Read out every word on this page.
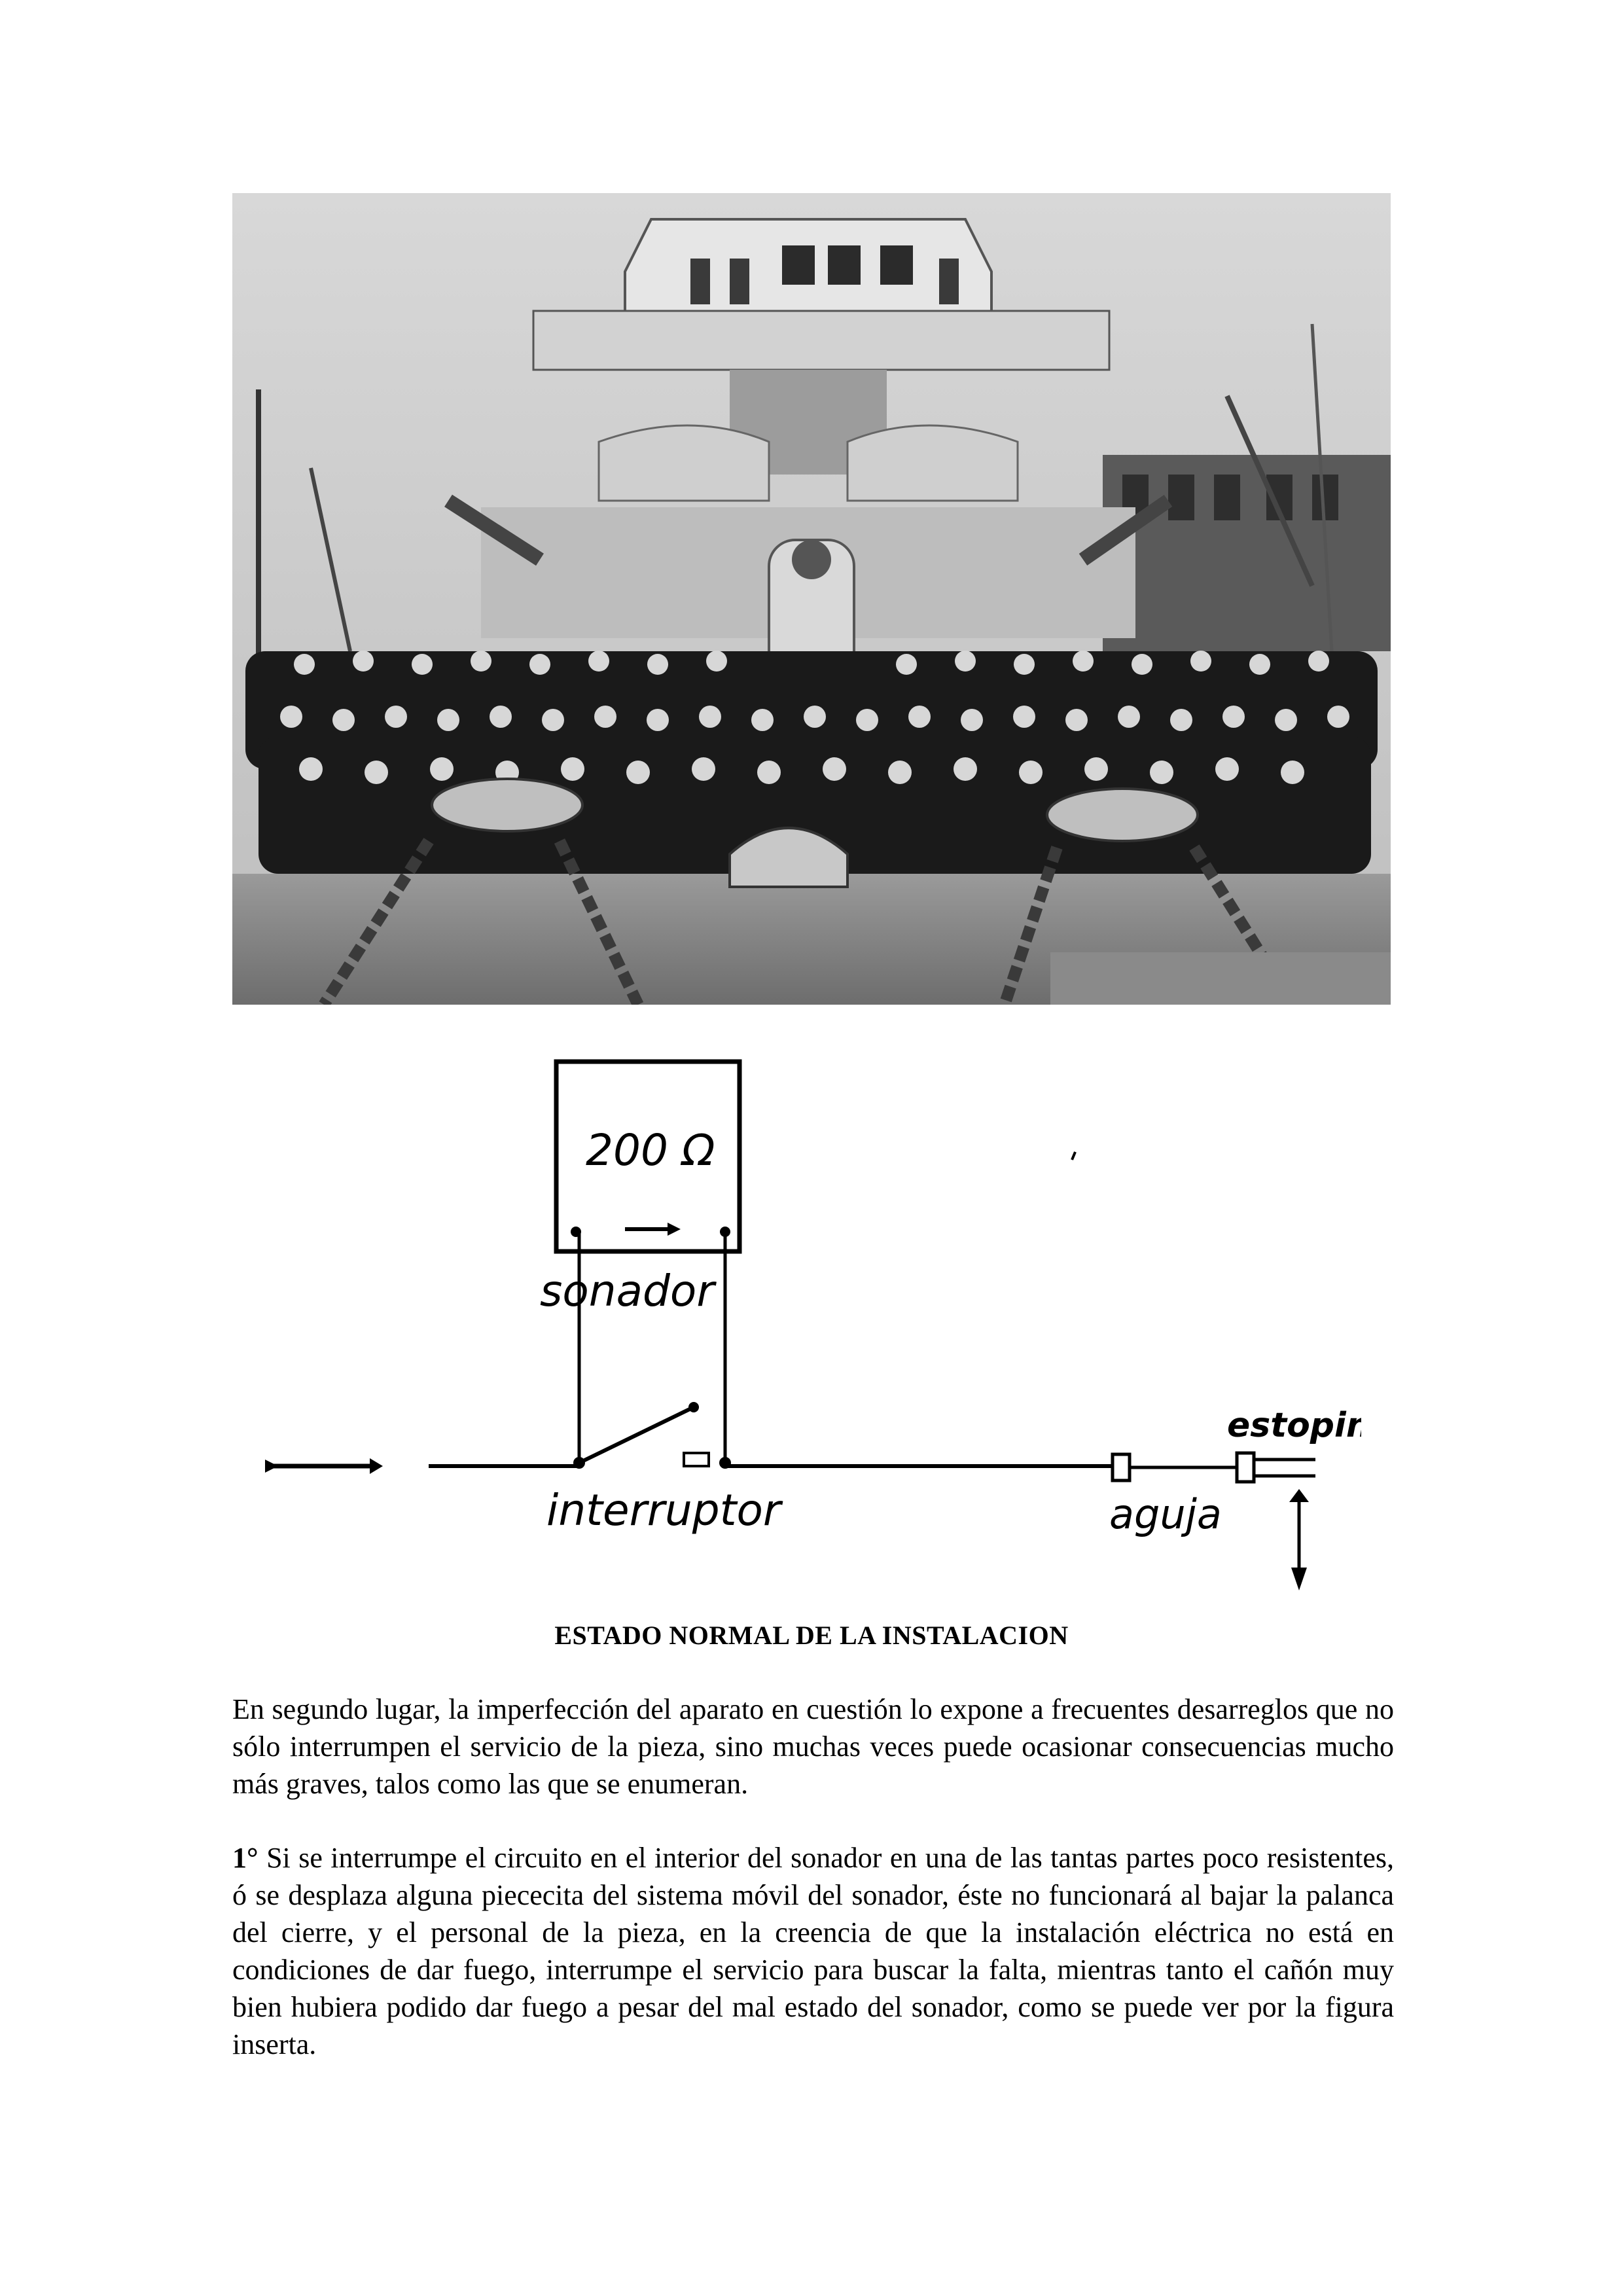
200 Ω
sonador
interruptor	aguja
estopin
ESTADO NORMAL DE LA INSTALACION

En segundo lugar, la imperfección del aparato en cuestión lo expone a frecuentes desarreglos que no sólo interrumpen el servicio de la pieza, sino muchas veces puede ocasionar consecuencias mucho más graves, talos como las que se enumeran.

1° Si se interrumpe el circuito en el interior del sonador en una de las tantas partes poco resistentes, ó se desplaza alguna piececita del sistema móvil del sonador, éste no funcionará al bajar la palanca del cierre, y el personal de la pieza, en la creencia de que la instalación eléctrica no está en condiciones de dar fuego, interrumpe el servicio para buscar la falta, mientras tanto el cañón muy bien hubiera podido dar fuego a pesar del mal estado del sonador, como se puede ver por la figura inserta.
